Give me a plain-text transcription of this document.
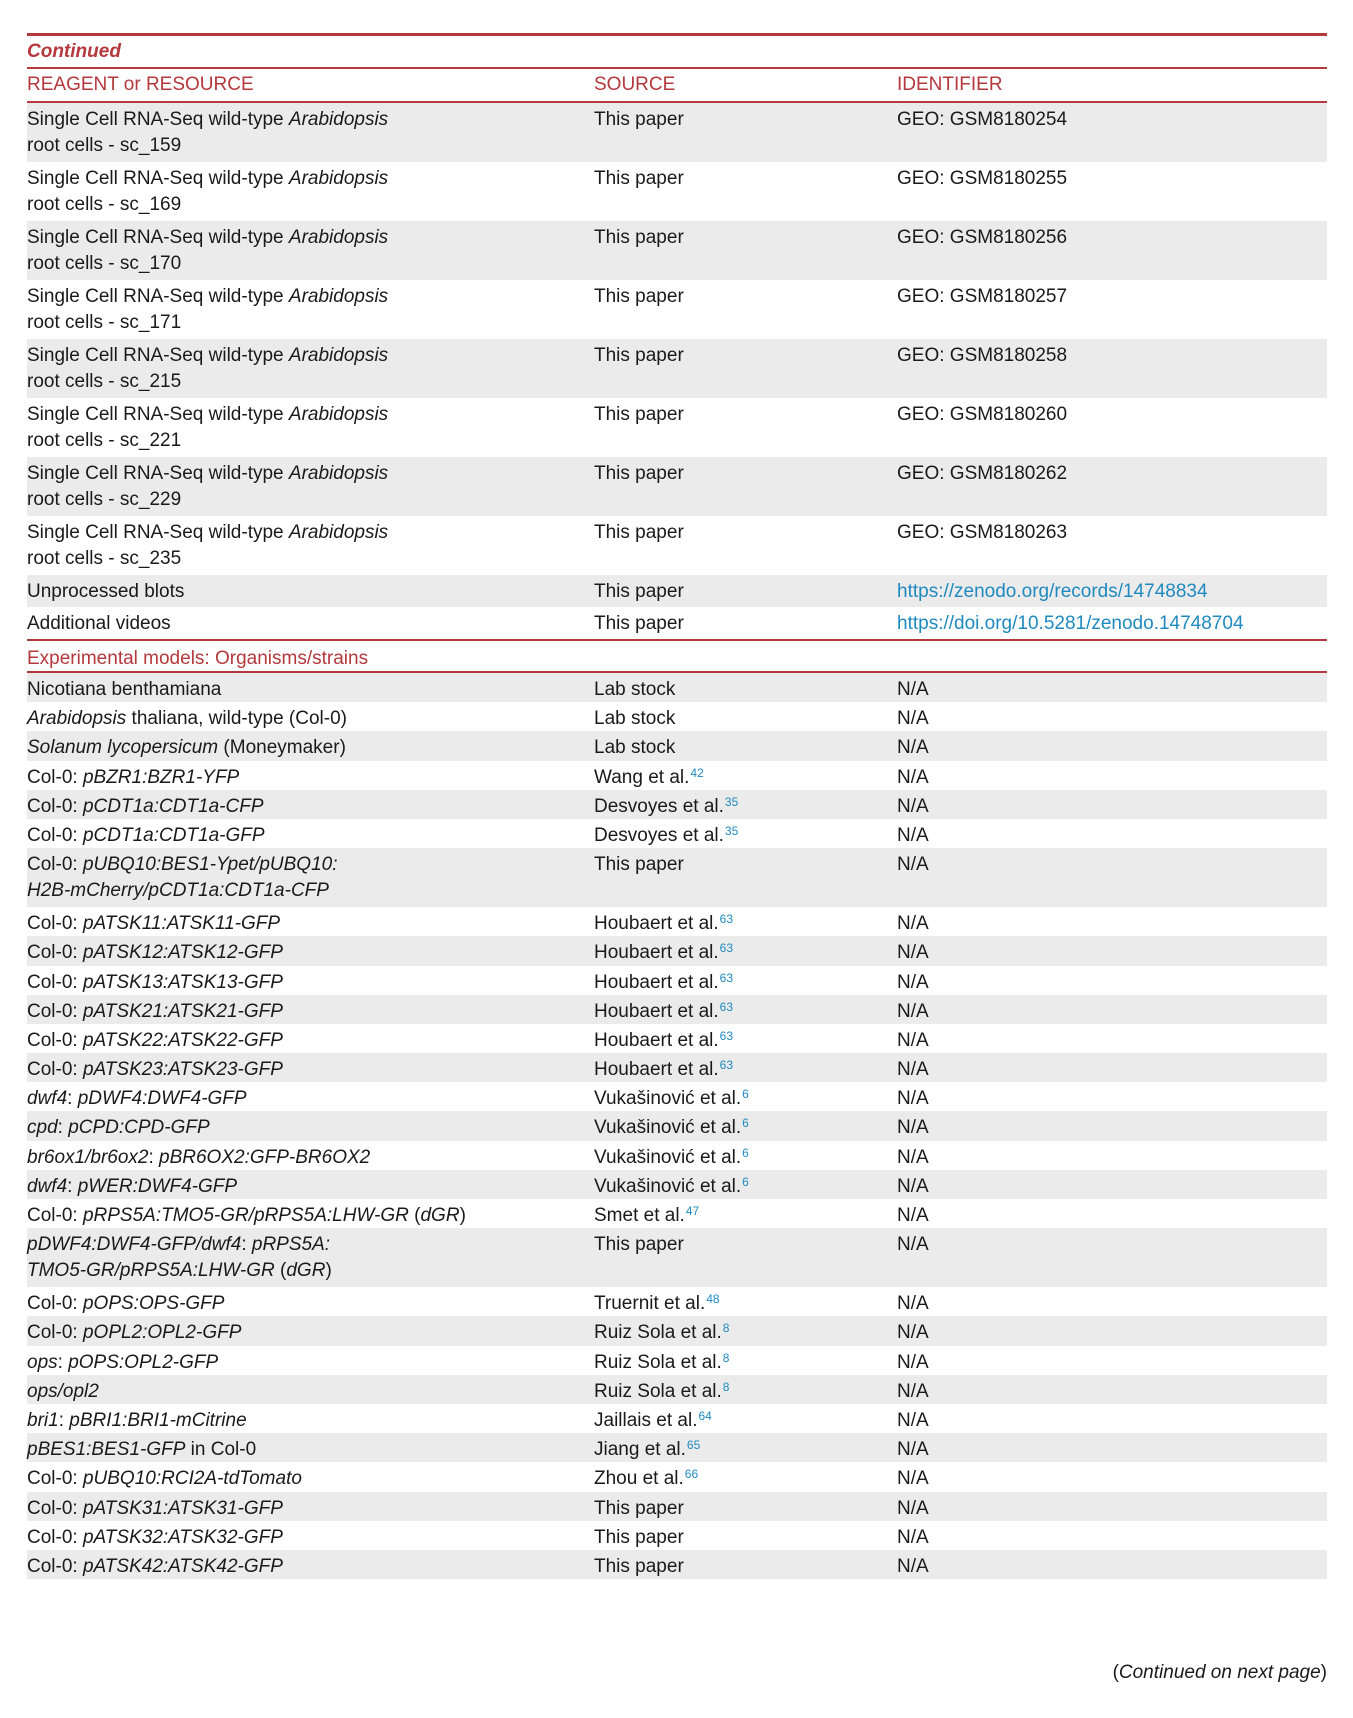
Continued
REAGENT or RESOURCE	SOURCE	IDENTIFIER
Single Cell RNA-Seq wild-type Arabidopsis
root cells - sc_159
This paper	GEO: GSM8180254
Single Cell RNA-Seq wild-type Arabidopsis
root cells - sc_169
This paper	GEO: GSM8180255
Single Cell RNA-Seq wild-type Arabidopsis
root cells - sc_170
This paper	GEO: GSM8180256
Single Cell RNA-Seq wild-type Arabidopsis
root cells - sc_171
This paper	GEO: GSM8180257
Single Cell RNA-Seq wild-type Arabidopsis
root cells - sc_215
This paper	GEO: GSM8180258
Single Cell RNA-Seq wild-type Arabidopsis
root cells - sc_221
This paper	GEO: GSM8180260
Single Cell RNA-Seq wild-type Arabidopsis
root cells - sc_229
This paper	GEO: GSM8180262
Single Cell RNA-Seq wild-type Arabidopsis
root cells - sc_235
This paper	GEO: GSM8180263
Unprocessed blots	This paper	https://zenodo.org/records/14748834
Additional videos	This paper	https://doi.org/10.5281/zenodo.14748704
Experimental models: Organisms/strains
Nicotiana benthamiana	Lab stock	N/A
Arabidopsis thaliana, wild-type (Col-0)	Lab stock	N/A
Solanum lycopersicum (Moneymaker)	Lab stock	N/A
Col-0: pBZR1:BZR1-YFP	Wang et al.$^{42}$	N/A
Col-0: pCDT1a:CDT1a-CFP	Desvoyes et al.$^{35}$	N/A
Col-0: pCDT1a:CDT1a-GFP	Desvoyes et al.$^{35}$	N/A
Col-0: pUBQ10:BES1-Ypet/pUBQ10:
H2B-mCherry/pCDT1a:CDT1a-CFP
This paper	N/A
Col-0: pATSK11:ATSK11-GFP	Houbaert et al.$^{63}$	N/A
Col-0: pATSK12:ATSK12-GFP	Houbaert et al.$^{63}$	N/A
Col-0: pATSK13:ATSK13-GFP	Houbaert et al.$^{63}$	N/A
Col-0: pATSK21:ATSK21-GFP	Houbaert et al.$^{63}$	N/A
Col-0: pATSK22:ATSK22-GFP	Houbaert et al.$^{63}$	N/A
Col-0: pATSK23:ATSK23-GFP	Houbaert et al.$^{63}$	N/A
dwf4: pDWF4:DWF4-GFP	Vukašinović et al.$^6$	N/A
cpd: pCPD:CPD-GFP	Vukašinović et al.$^6$	N/A
br6ox1/br6ox2: pBR6OX2:GFP-BR6OX2	Vukašinović et al.$^6$	N/A
dwf4: pWER:DWF4-GFP	Vukašinović et al.$^6$	N/A
Col-0: pRPS5A:TMO5-GR/pRPS5A:LHW-GR (dGR)	Smet et al.$^{47}$	N/A
pDWF4:DWF4-GFP/dwf4: pRPS5A:
TMO5-GR/pRPS5A:LHW-GR (dGR)
This paper	N/A
Col-0: pOPS:OPS-GFP	Truernit et al.$^{48}$	N/A
Col-0: pOPL2:OPL2-GFP	Ruiz Sola et al.$^8$	N/A
ops: pOPS:OPL2-GFP	Ruiz Sola et al.$^8$	N/A
ops/opl2	Ruiz Sola et al.$^8$	N/A
bri1: pBRI1:BRI1-mCitrine	Jaillais et al.$^{64}$	N/A
pBES1:BES1-GFP in Col-0	Jiang et al.$^{65}$	N/A
Col-0: pUBQ10:RCI2A-tdTomato	Zhou et al.$^{66}$	N/A
Col-0: pATSK31:ATSK31-GFP	This paper	N/A
Col-0: pATSK32:ATSK32-GFP	This paper	N/A
Col-0: pATSK42:ATSK42-GFP	This paper	N/A
(Continued on next page)
